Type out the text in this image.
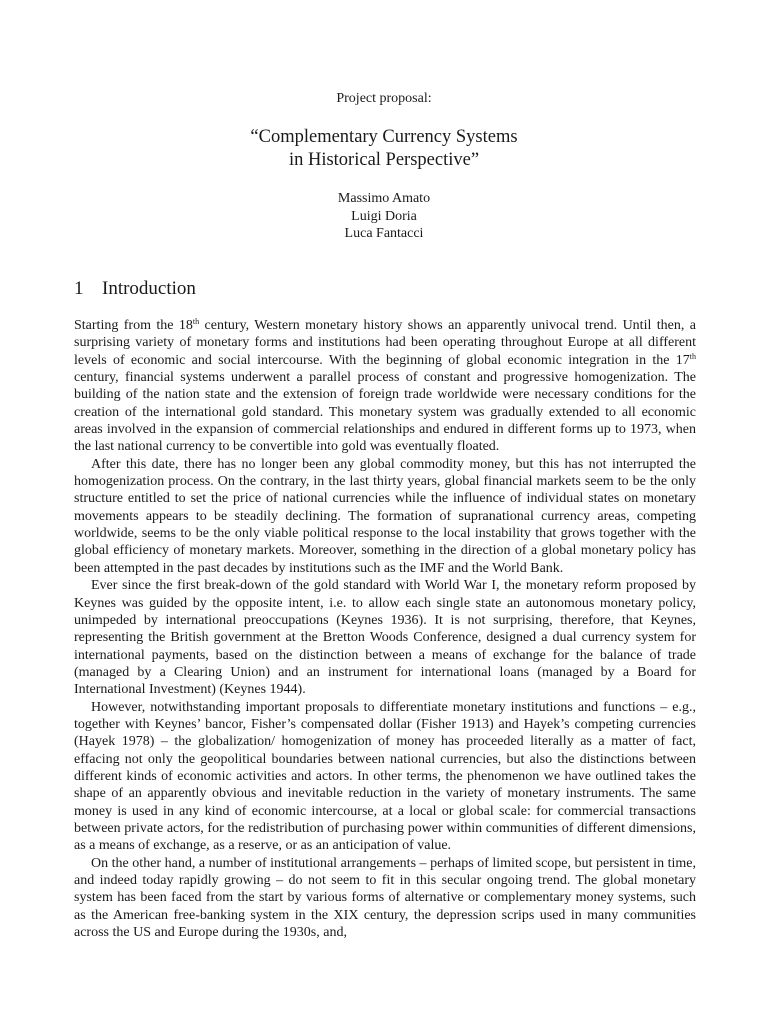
Project proposal:
“Complementary Currency Systems
in Historical Perspective”
Massimo Amato
Luigi Doria
Luca Fantacci
1 Introduction

Starting from the 18th century, Western monetary history shows an apparently univocal trend. Until then, a surprising variety of monetary forms and institutions had been operating throughout Europe at all different levels of economic and social intercourse. With the beginning of global economic integration in the 17th century, financial systems underwent a parallel process of constant and progressive homogenization. The building of the nation state and the extension of foreign trade worldwide were necessary conditions for the creation of the international gold standard. This monetary system was gradually extended to all economic areas involved in the expansion of commercial relationships and endured in different forms up to 1973, when the last national currency to be convertible into gold was eventually floated.

After this date, there has no longer been any global commodity money, but this has not interrupted the homogenization process. On the contrary, in the last thirty years, global financial markets seem to be the only structure entitled to set the price of national currencies while the influence of individual states on monetary movements appears to be steadily declining. The formation of supranational currency areas, competing worldwide, seems to be the only viable political response to the local instability that grows together with the global efficiency of monetary markets. Moreover, something in the direction of a global monetary policy has been attempted in the past decades by institutions such as the IMF and the World Bank.

Ever since the first break-down of the gold standard with World War I, the monetary reform proposed by Keynes was guided by the opposite intent, i.e. to allow each single state an autonomous monetary policy, unimpeded by international preoccupations (Keynes 1936). It is not surprising, therefore, that Keynes, representing the British government at the Bretton Woods Conference, designed a dual currency system for international payments, based on the distinction between a means of exchange for the balance of trade (managed by a Clearing Union) and an instrument for international loans (managed by a Board for International Investment) (Keynes 1944).

However, notwithstanding important proposals to differentiate monetary institutions and functions – e.g., together with Keynes’ bancor, Fisher’s compensated dollar (Fisher 1913) and Hayek’s competing currencies (Hayek 1978) – the globalization/ homogenization of money has proceeded literally as a matter of fact, effacing not only the geopolitical boundaries between national currencies, but also the distinctions between different kinds of economic activities and actors. In other terms, the phenomenon we have outlined takes the shape of an apparently obvious and inevitable reduction in the variety of monetary instruments. The same money is used in any kind of economic intercourse, at a local or global scale: for commercial transactions between private actors, for the redistribution of purchasing power within communities of different dimensions, as a means of exchange, as a reserve, or as an anticipation of value.

On the other hand, a number of institutional arrangements – perhaps of limited scope, but persistent in time, and indeed today rapidly growing – do not seem to fit in this secular ongoing trend. The global monetary system has been faced from the start by various forms of alternative or complementary money systems, such as the American free-banking system in the XIX century, the depression scrips used in many communities across the US and Europe during the 1930s, and,
